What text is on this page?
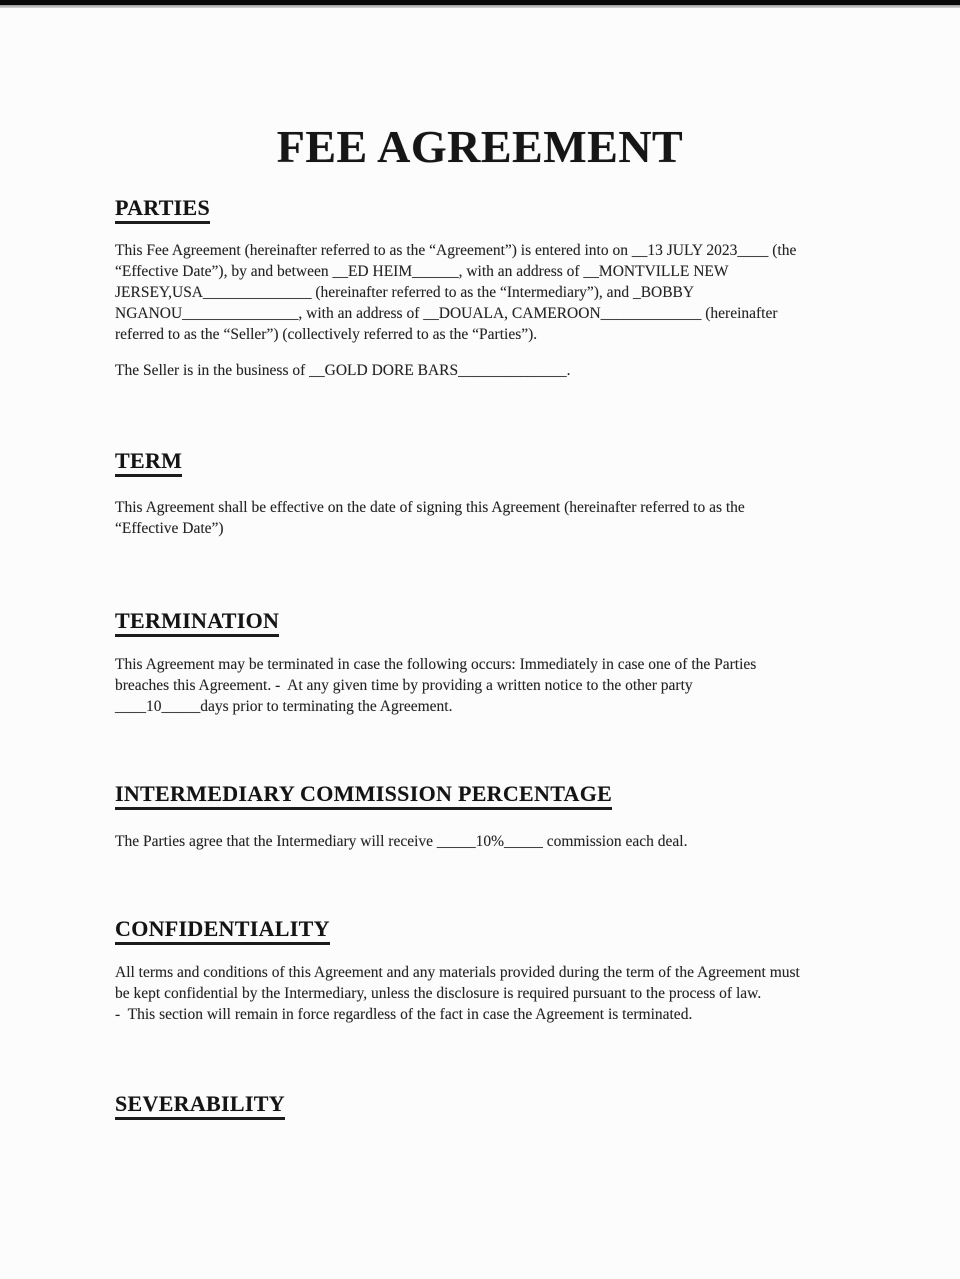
FEE AGREEMENT
PARTIES

This Fee Agreement (hereinafter referred to as the “Agreement”) is entered into on __13 JULY 2023____ (the
“Effective Date”), by and between __ED HEIM______, with an address of __MONTVILLE NEW
JERSEY,USA______________ (hereinafter referred to as the “Intermediary”), and _BOBBY
NGANOU_______________, with an address of __DOUALA, CAMEROON_____________ (hereinafter
referred to as the “Seller”) (collectively referred to as the “Parties”).

The Seller is in the business of __GOLD DORE BARS______________.

TERM

This Agreement shall be effective on the date of signing this Agreement (hereinafter referred to as the
“Effective Date”)

TERMINATION

This Agreement may be terminated in case the following occurs: Immediately in case one of the Parties
breaches this Agreement. -  At any given time by providing a written notice to the other party
____10_____days prior to terminating the Agreement.

INTERMEDIARY COMMISSION PERCENTAGE

The Parties agree that the Intermediary will receive _____10%_____ commission each deal.

CONFIDENTIALITY

All terms and conditions of this Agreement and any materials provided during the term of the Agreement must
be kept confidential by the Intermediary, unless the disclosure is required pursuant to the process of law.
-  This section will remain in force regardless of the fact in case the Agreement is terminated.

SEVERABILITY
